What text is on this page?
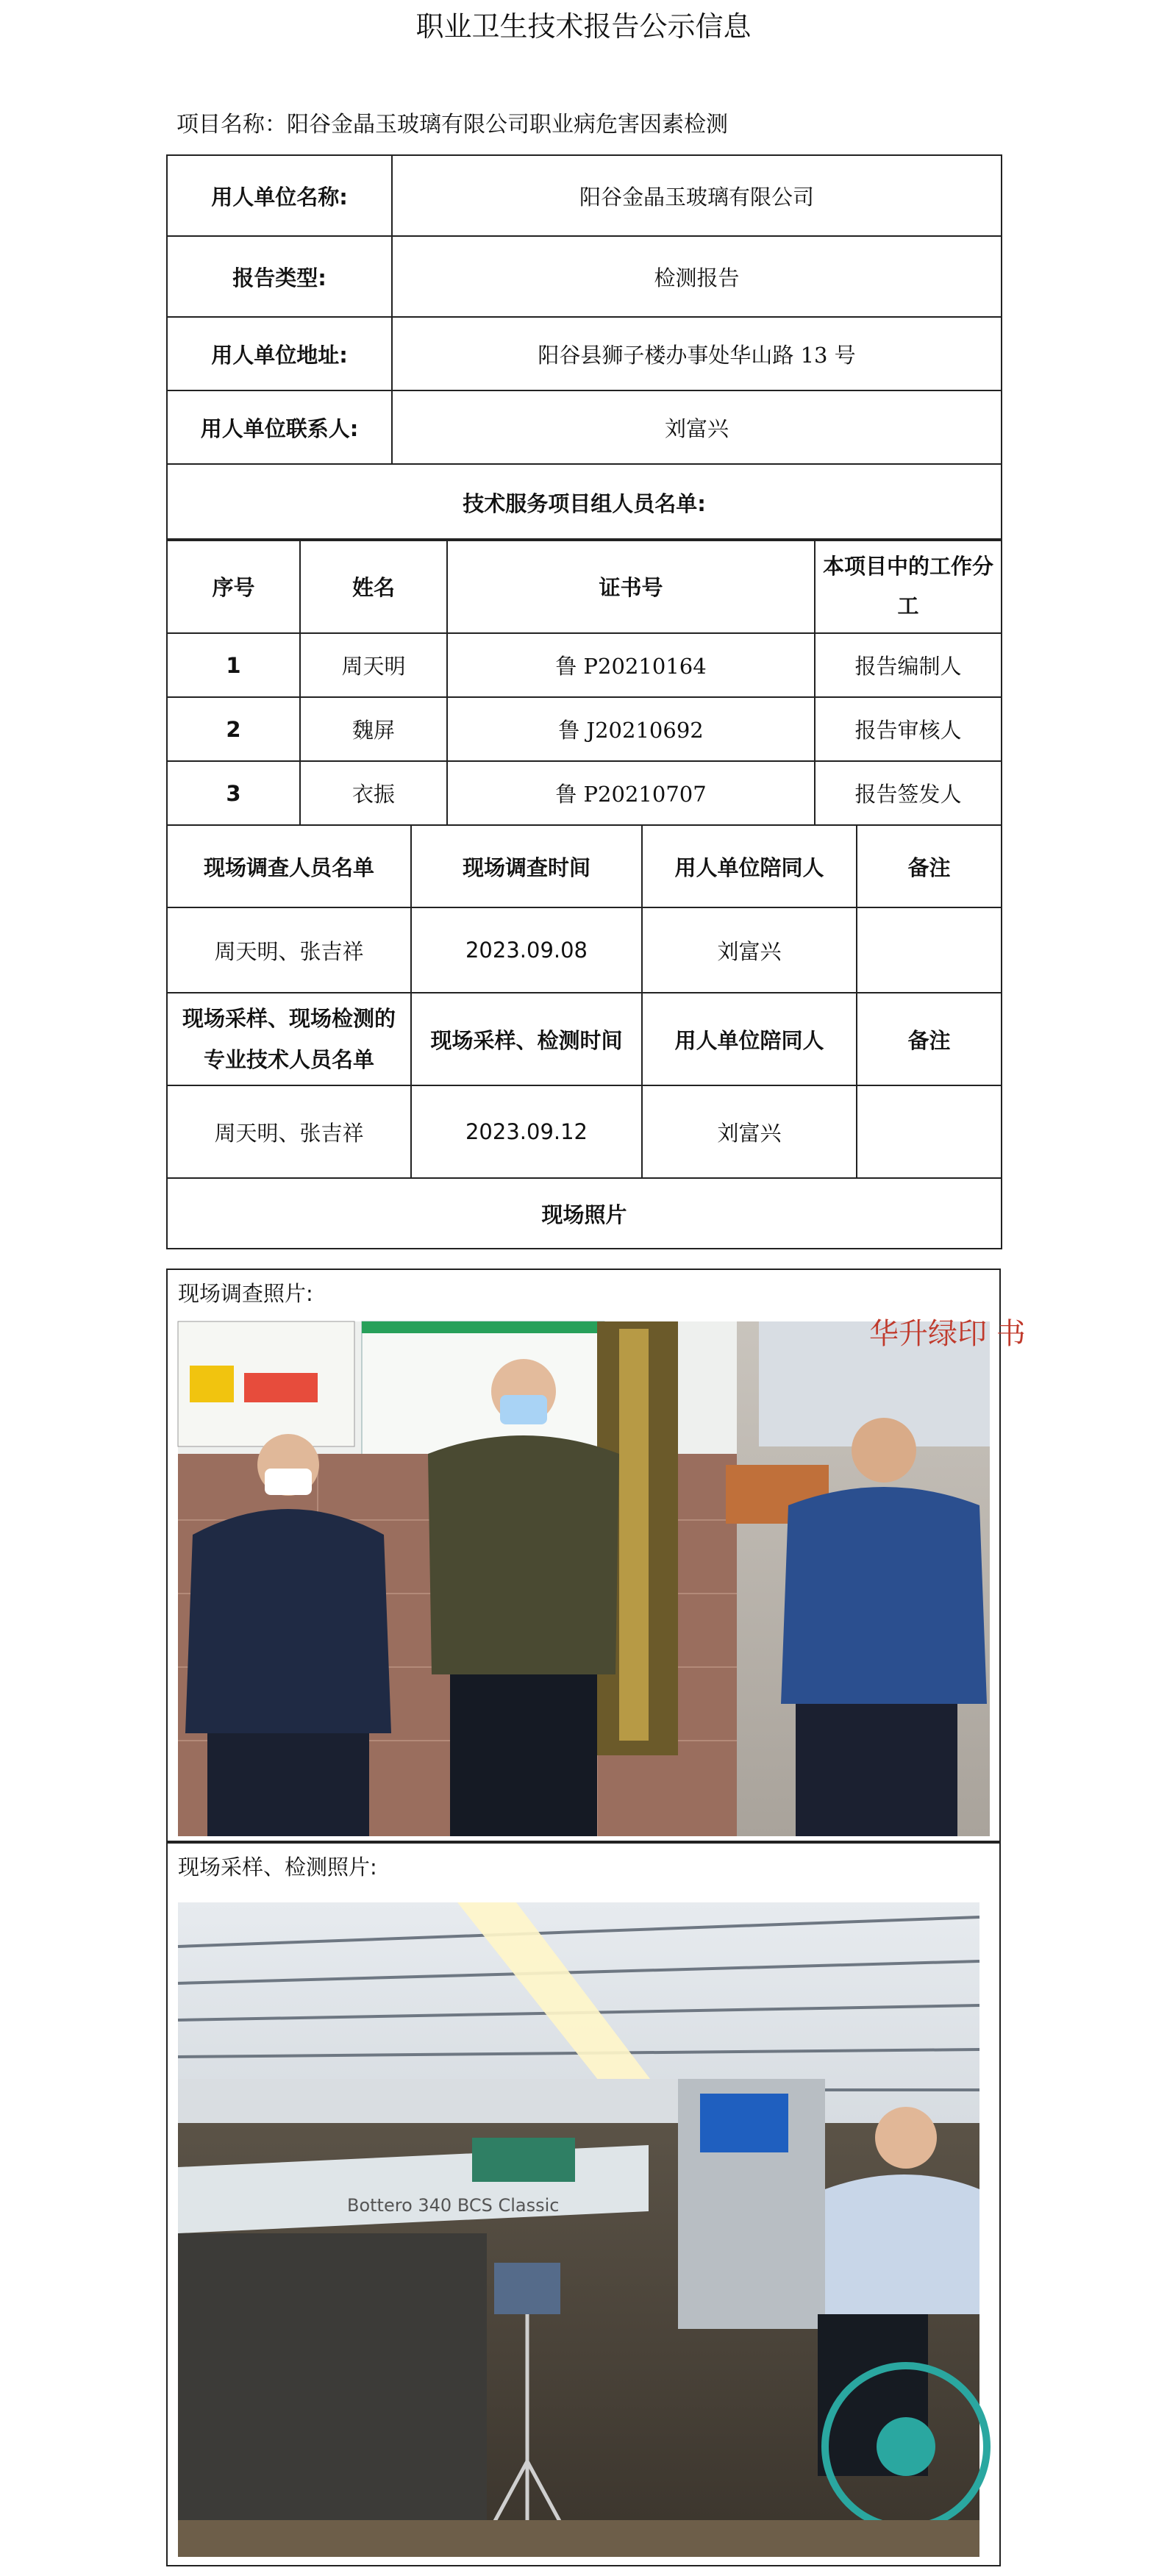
职业卫生技术报告公示信息
项目名称：阳谷金晶玉玻璃有限公司职业病危害因素检测
用人单位名称:	阳谷金晶玉玻璃有限公司
报告类型:	检测报告
用人单位地址:	阳谷县狮子楼办事处华山路 13 号
用人单位联系人:	刘富兴
技术服务项目组人员名单:	
序号	姓名	证书号	本项目中的工作分工
1	周天明	鲁 P20210164	报告编制人
2	魏屏	鲁 J20210692	报告审核人
3	衣振	鲁 P20210707	报告签发人
现场调查人员名单	现场调查时间	用人单位陪同人	备注
周天明、张吉祥	2023.09.08	刘富兴	
现场采样、现场检测的专业技术人员名单	现场采样、检测时间	用人单位陪同人	备注
周天明、张吉祥	2023.09.12	刘富兴	
现场照片			
现场调查照片:
华升绿印 书
现场采样、检测照片:
Bottero 340 BCS Classic
